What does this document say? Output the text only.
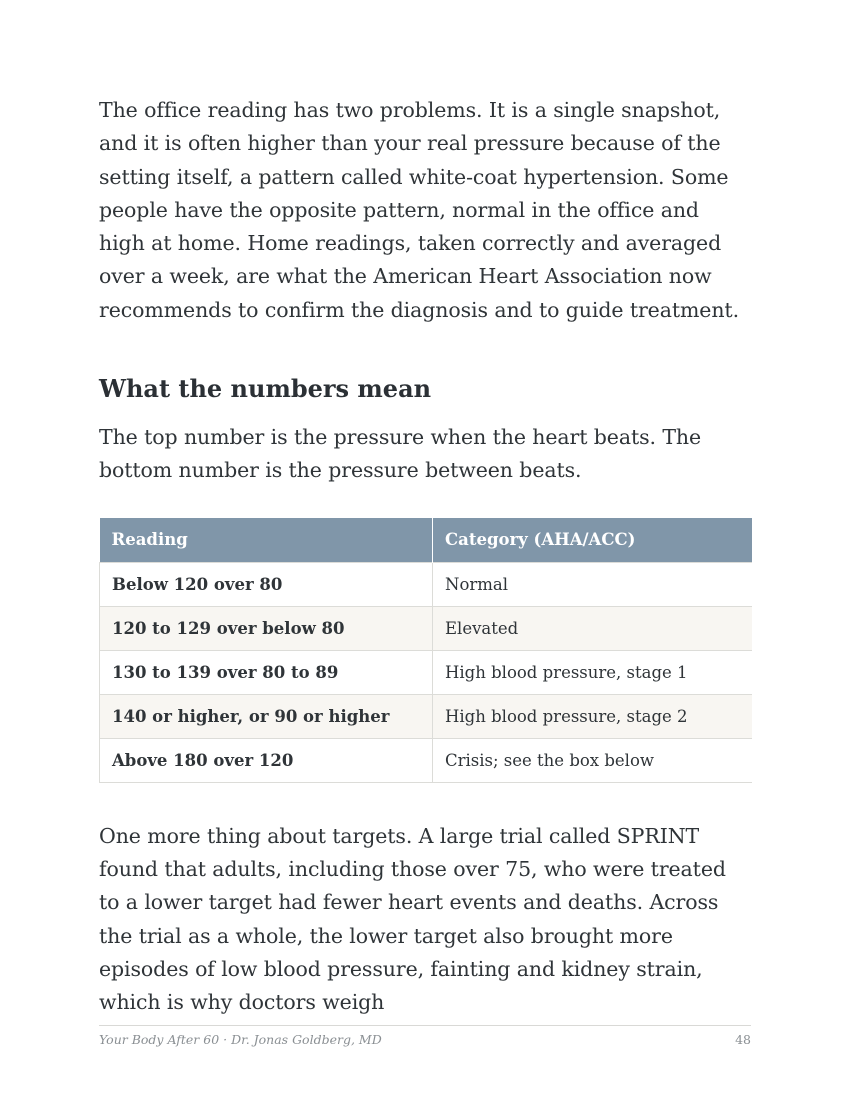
The office reading has two problems. It is a single snapshot, and it is often higher than your real pressure because of the setting itself, a pattern called white-coat hypertension. Some people have the opposite pattern, normal in the office and high at home. Home readings, taken correctly and averaged over a week, are what the American Heart Association now recommends to confirm the diagnosis and to guide treatment.

What the numbers mean

The top number is the pressure when the heart beats. The bottom number is the pressure between beats.

Reading	Category (AHA/ACC)
Below 120 over 80	Normal
120 to 129 over below 80	Elevated
130 to 139 over 80 to 89	High blood pressure, stage 1
140 or higher, or 90 or higher	High blood pressure, stage 2
Above 180 over 120	Crisis; see the box below

One more thing about targets. A large trial called SPRINT found that adults, including those over 75, who were treated to a lower target had fewer heart events and deaths. Across the trial as a whole, the lower target also brought more episodes of low blood pressure, fainting and kidney strain, which is why doctors weigh

Your Body After 60 · Dr. Jonas Goldberg, MD	48
